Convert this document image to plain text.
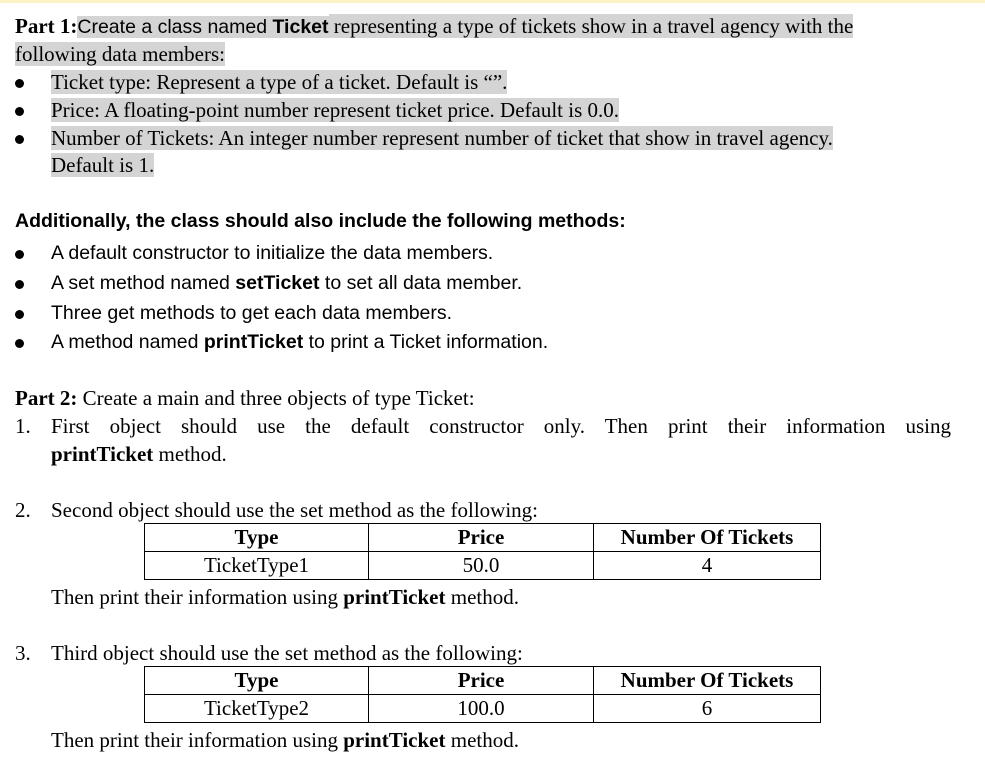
Part 1:Create a class named Ticket representing a type of tickets show in a travel agency with the
following data members:
Ticket type: Represent a type of a ticket. Default is “”.
Price: A floating-point number represent ticket price. Default is 0.0.
Number of Tickets: An integer number represent number of ticket that show in travel agency.
Default is 1.
Additionally, the class should also include the following methods:
A default constructor to initialize the data members.
A set method named setTicket to set all data member.
Three get methods to get each data members.
A method named printTicket to print a Ticket information.
Part 2: Create a main and three objects of type Ticket:
1. First object should use the default constructor only. Then print their information using
printTicket method.
2. Second object should use the set method as the following:
Type	Price	Number Of Tickets
TicketType1	50.0	4
Then print their information using printTicket method.
3. Third object should use the set method as the following:
Type	Price	Number Of Tickets
TicketType2	100.0	6
Then print their information using printTicket method.
